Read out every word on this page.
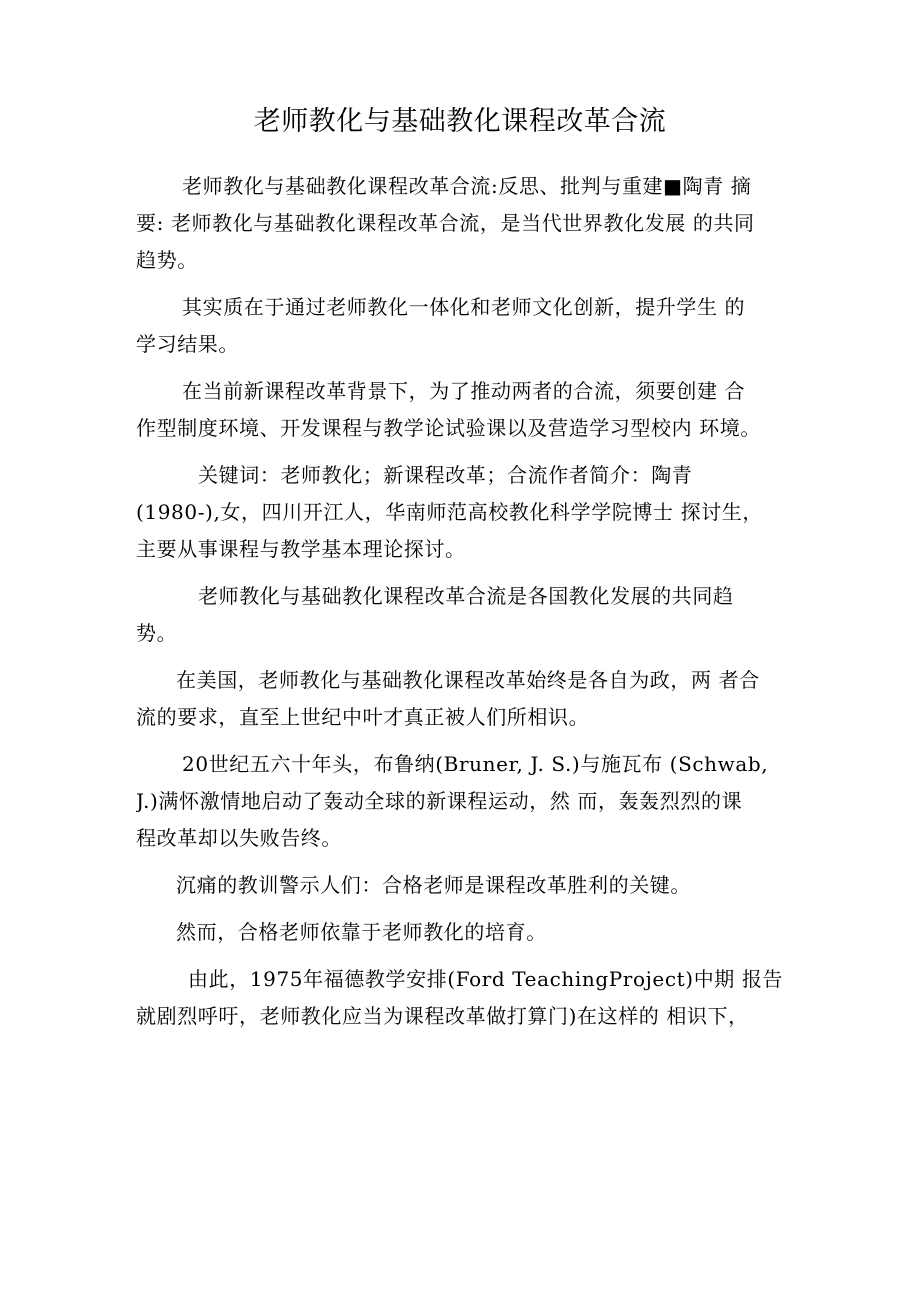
老师教化与基础教化课程改革合流

老师教化与基础教化课程改革合流:反思、批判与重建■陶青 摘
要: 老师教化与基础教化课程改革合流，是当代世界教化发展 的共同
趋势。

其实质在于通过老师教化一体化和老师文化创新，提升学生 的
学习结果。

在当前新课程改革背景下，为了推动两者的合流，须要创建 合
作型制度环境、开发课程与教学论试验课以及营造学习型校内 环境。

关键词：老师教化；新课程改革；合流作者简介：陶青
(1980-),女，四川开江人，华南师范高校教化科学学院博士 探讨生，
主要从事课程与教学基本理论探讨。

老师教化与基础教化课程改革合流是各国教化发展的共同趋
势。

在美国，老师教化与基础教化课程改革始终是各自为政，两 者合
流的要求，直至上世纪中叶才真正被人们所相识。

20世纪五六十年头，布鲁纳(Bruner, J. S.)与施瓦布 (Schwab,
J.)满怀激情地启动了轰动全球的新课程运动，然 而，轰轰烈烈的课
程改革却以失败告终。

沉痛的教训警示人们：合格老师是课程改革胜利的关键。

然而，合格老师依靠于老师教化的培育。

由此，1975年福德教学安排(Ford TeachingProject)中期 报告
就剧烈呼吁，老师教化应当为课程改革做打算门)在这样的 相识下，
